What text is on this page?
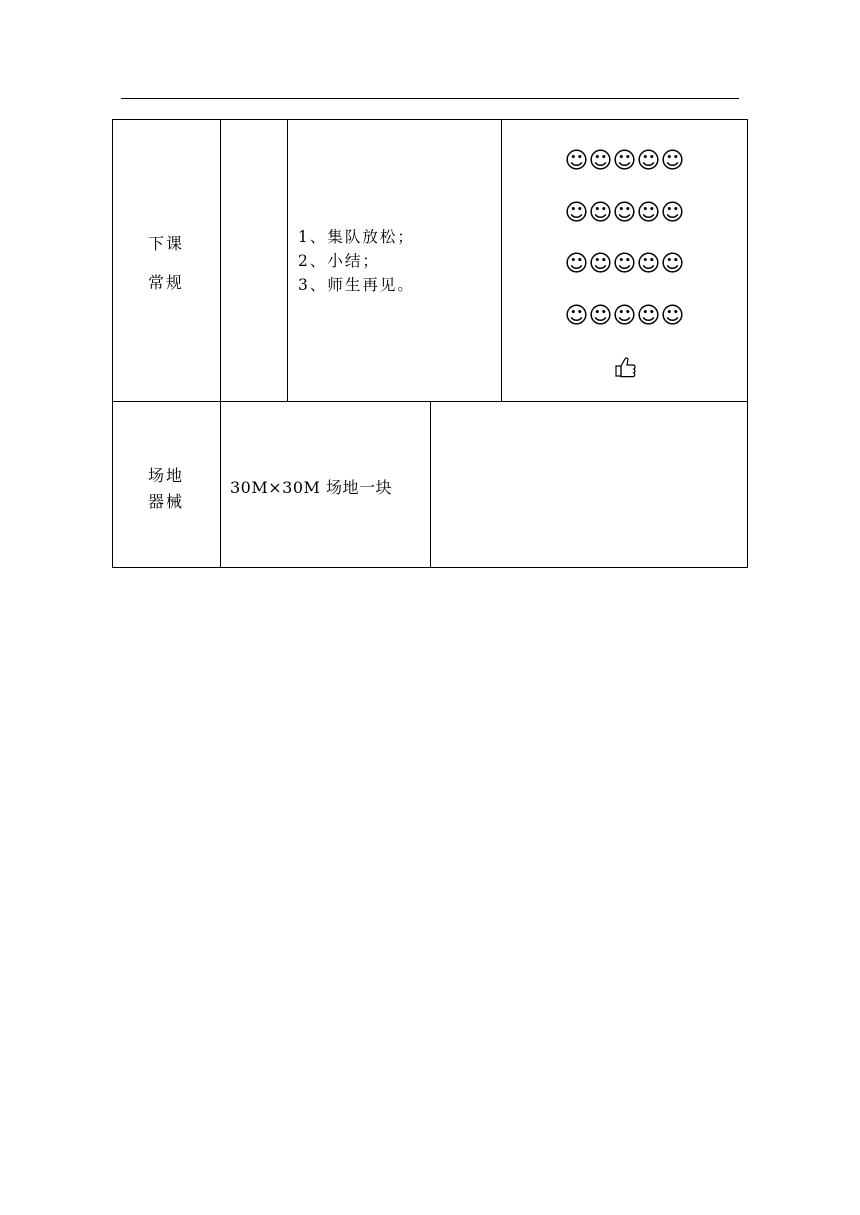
下课
常规
1、集队放松；
2、小结；
3、师生再见。
☺☺☺☺☺
☺☺☺☺☺
☺☺☺☺☺
☺☺☺☺☺
场地
器械
30M×30M 场地一块
